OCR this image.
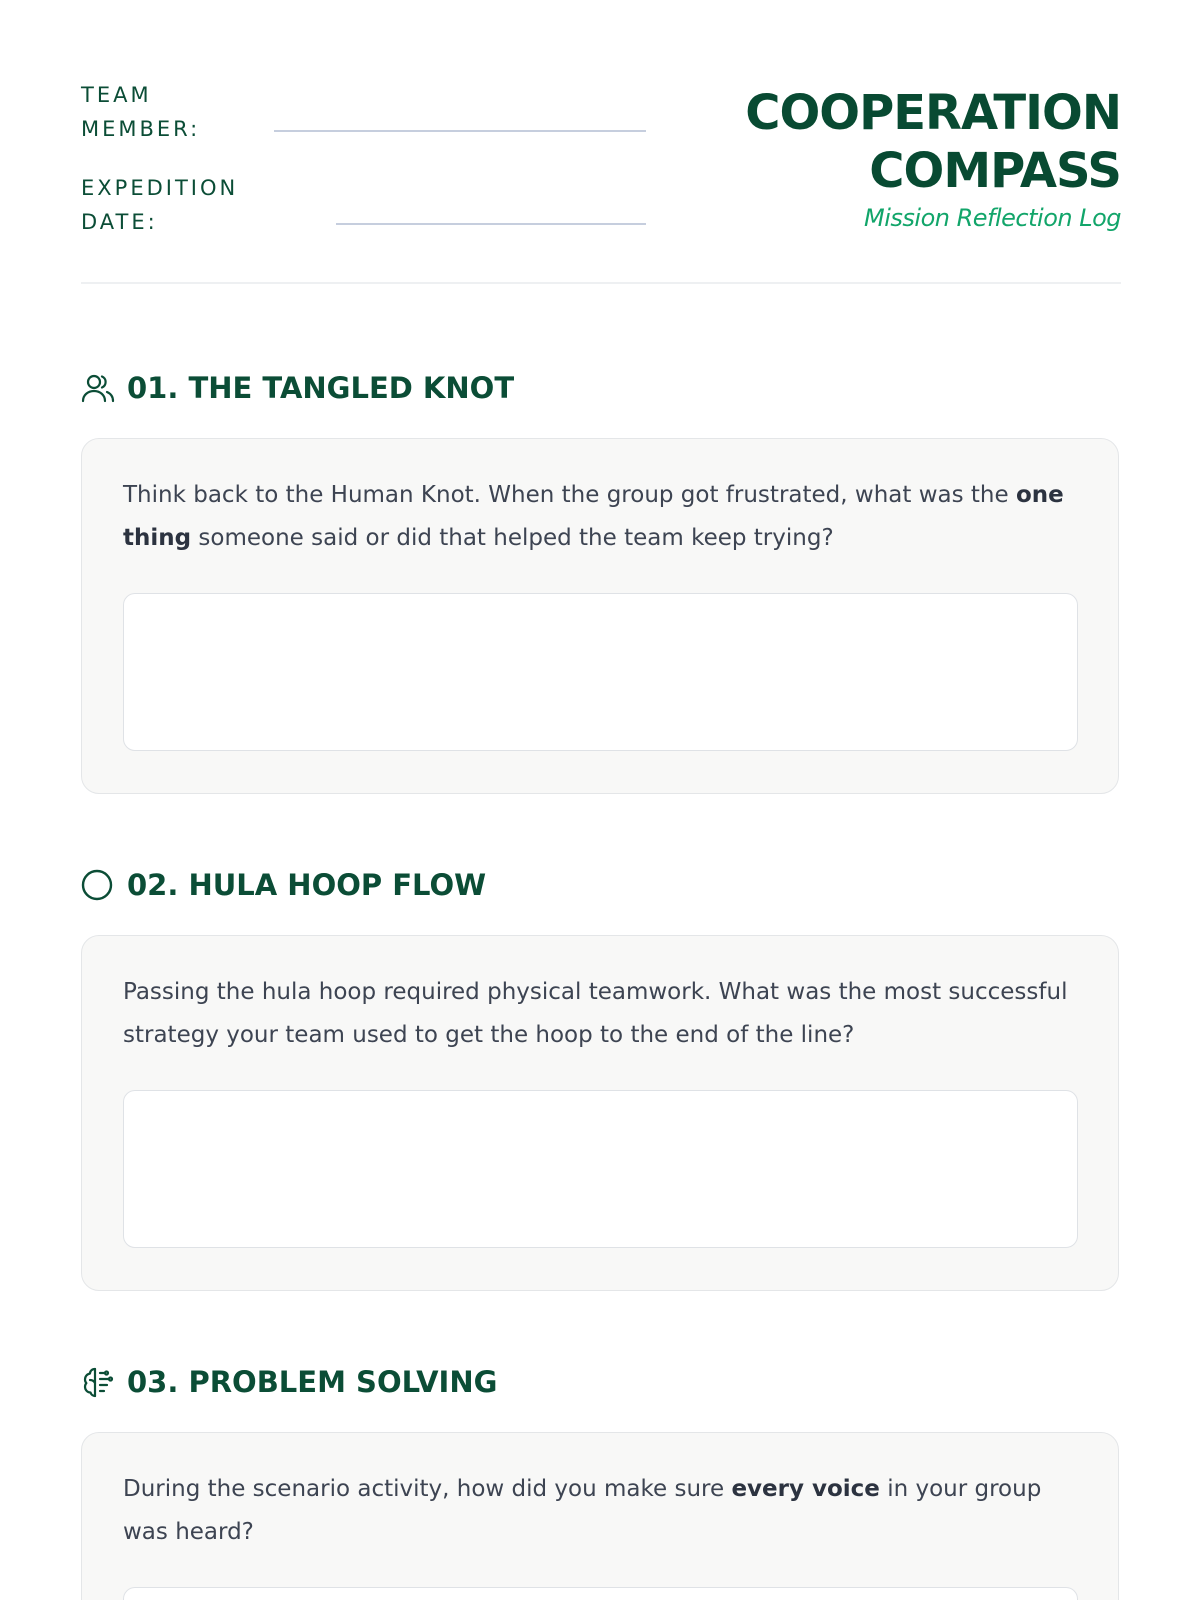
TEAM
MEMBER:
EXPEDITION
DATE:
COOPERATION
COMPASS
Mission Reflection Log
01. THE TANGLED KNOT
Think back to the Human Knot. When the group got frustrated, what was the one thing someone said or did that helped the team keep trying?
02. HULA HOOP FLOW
Passing the hula hoop required physical teamwork. What was the most successful strategy your team used to get the hoop to the end of the line?
03. PROBLEM SOLVING
During the scenario activity, how did you make sure every voice in your group was heard?
